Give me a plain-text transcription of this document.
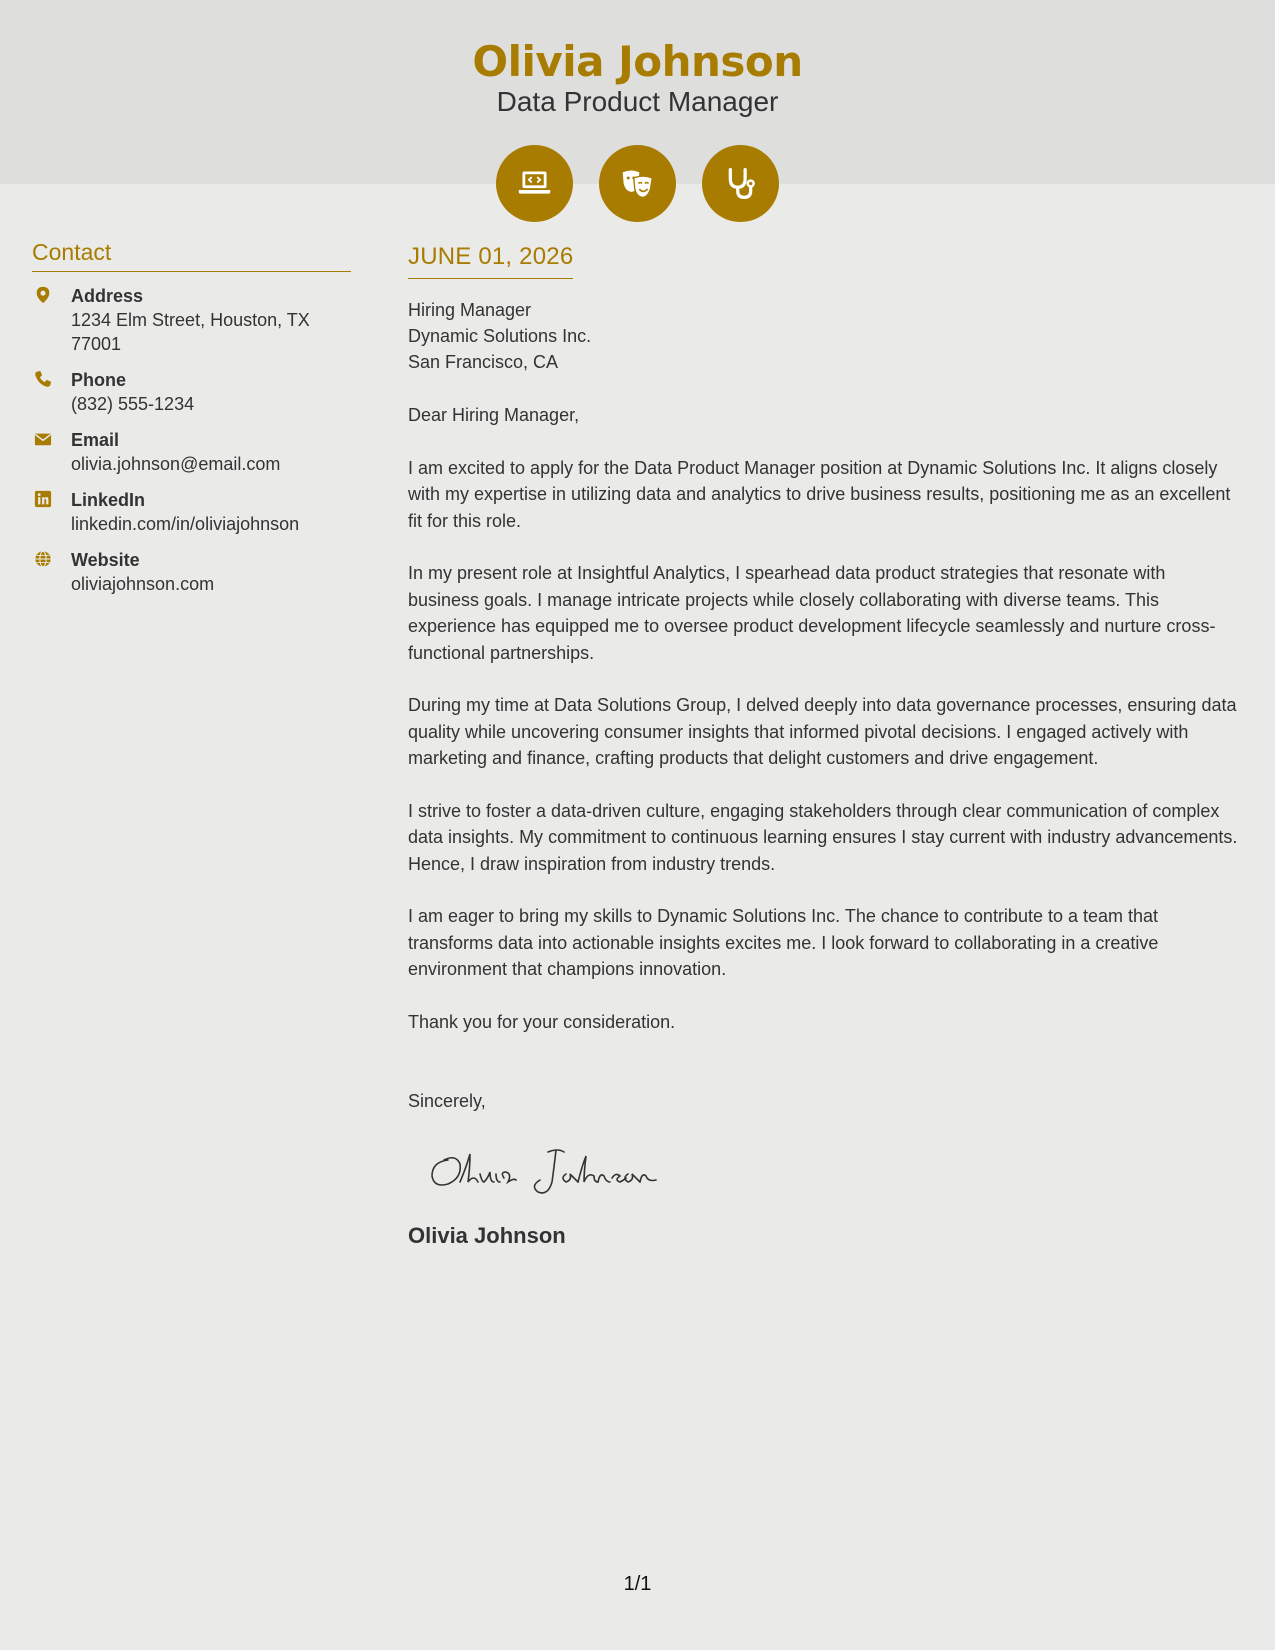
Olivia Johnson
Data Product Manager
Contact
Address
1234 Elm Street, Houston, TX 77001
Phone
(832) 555-1234
Email
olivia.johnson@email.com
LinkedIn
linkedin.com/in/oliviajohnson
Website
oliviajohnson.com
JUNE 01, 2026
Hiring Manager
Dynamic Solutions Inc.
San Francisco, CA

Dear Hiring Manager,

I am excited to apply for the Data Product Manager position at Dynamic Solutions Inc. It aligns closely with my expertise in utilizing data and analytics to drive business results, positioning me as an excellent fit for this role.

In my present role at Insightful Analytics, I spearhead data product strategies that resonate with business goals. I manage intricate projects while closely collaborating with diverse teams. This experience has equipped me to oversee product development lifecycle seamlessly and nurture cross-functional partnerships.

During my time at Data Solutions Group, I delved deeply into data governance processes, ensuring data quality while uncovering consumer insights that informed pivotal decisions. I engaged actively with marketing and finance, crafting products that delight customers and drive engagement.

I strive to foster a data-driven culture, engaging stakeholders through clear communication of complex data insights. My commitment to continuous learning ensures I stay current with industry advancements. Hence, I draw inspiration from industry trends.

I am eager to bring my skills to Dynamic Solutions Inc. The chance to contribute to a team that transforms data into actionable insights excites me. I look forward to collaborating in a creative environment that champions innovation.

Thank you for your consideration.

Sincerely,
Olivia Johnson
1/1
